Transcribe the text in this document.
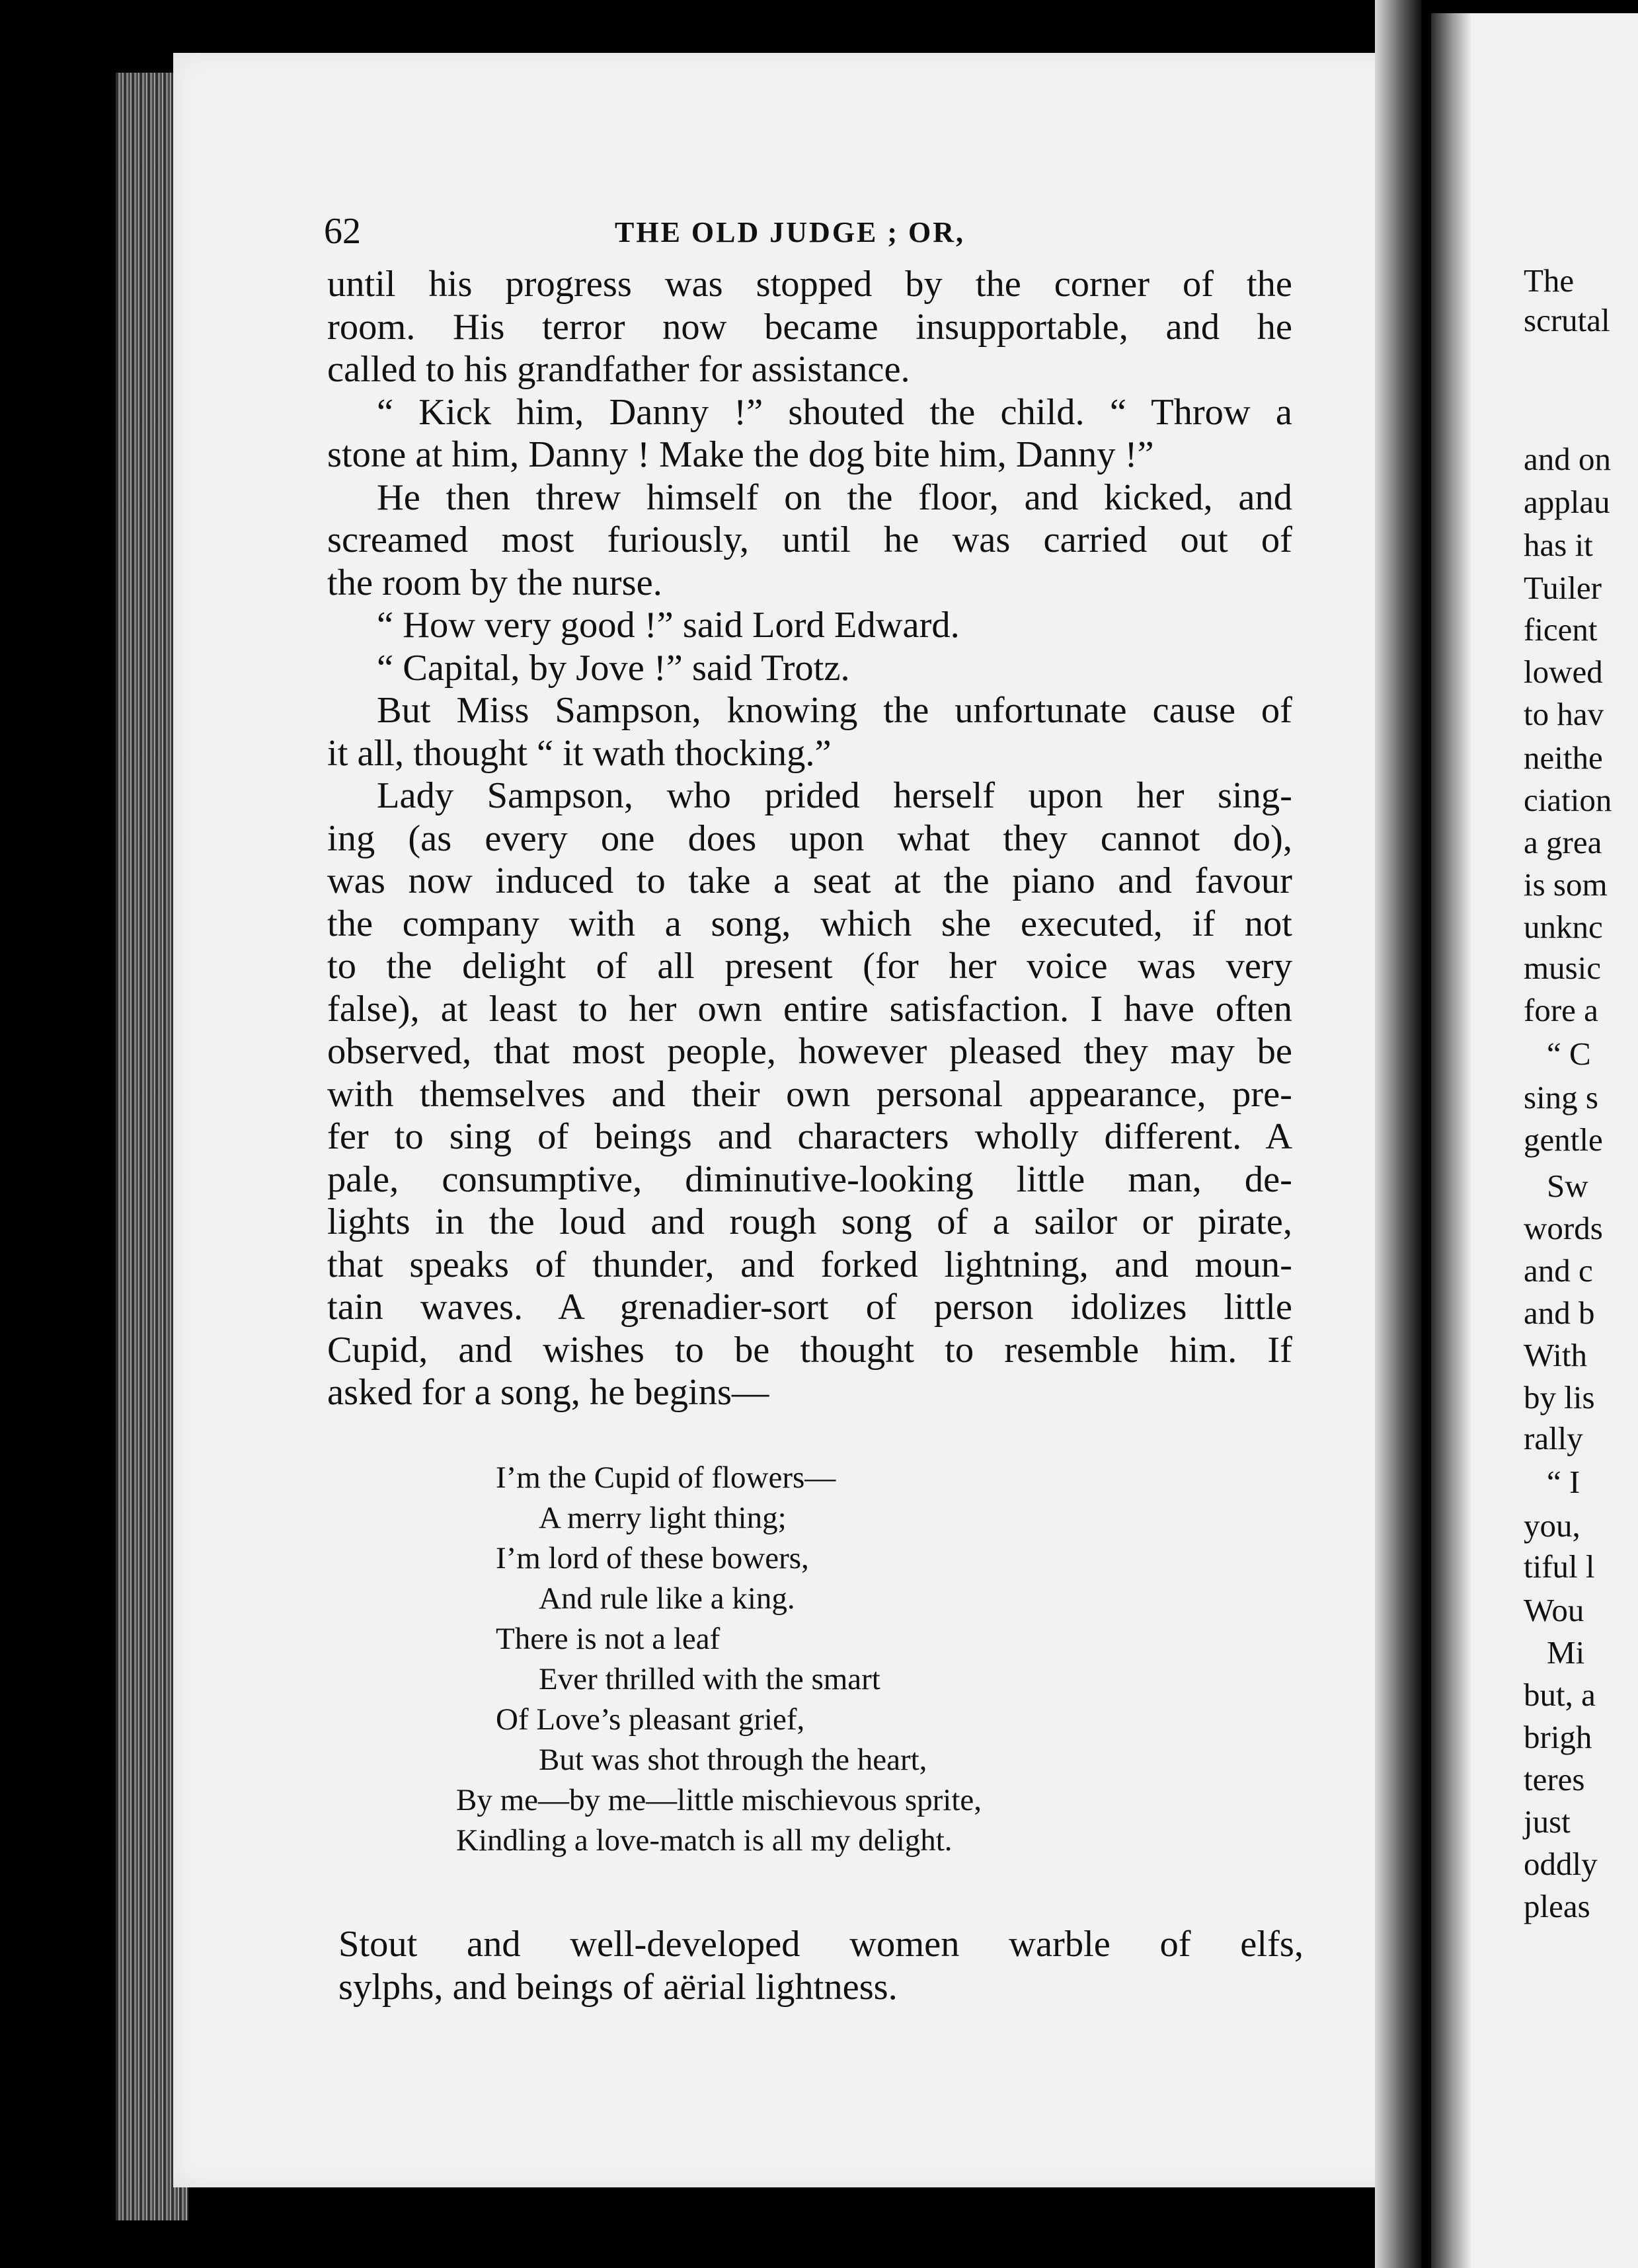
The
scrutal
and on
applau
has it
Tuiler
ficent
lowed
to hav
neithe
ciation
a grea
is som
unknc
music
fore a
“ C
sing s
gentle
Sw
words
and c
and b
With
by lis
rally
“ I
you,
tiful l
Wou
Mi
but, a
brigh
teres
just
oddly
pleas
62	THE OLD JUDGE ; OR,
until his progress was stopped by the corner of the
room. His terror now became insupportable, and he
called to his grandfather for assistance.
“ Kick him, Danny !” shouted the child. “ Throw a
stone at him, Danny ! Make the dog bite him, Danny !”
He then threw himself on the floor, and kicked, and
screamed most furiously, until he was carried out of
the room by the nurse.
“ How very good !” said Lord Edward.
“ Capital, by Jove !” said Trotz.
But Miss Sampson, knowing the unfortunate cause of
it all, thought “ it wath thocking.”
Lady Sampson, who prided herself upon her sing-
ing (as every one does upon what they cannot do),
was now induced to take a seat at the piano and favour
the company with a song, which she executed, if not
to the delight of all present (for her voice was very
false), at least to her own entire satisfaction. I have often
observed, that most people, however pleased they may be
with themselves and their own personal appearance, pre-
fer to sing of beings and characters wholly different. A
pale, consumptive, diminutive-looking little man, de-
lights in the loud and rough song of a sailor or pirate,
that speaks of thunder, and forked lightning, and moun-
tain waves. A grenadier-sort of person idolizes little
Cupid, and wishes to be thought to resemble him. If
asked for a song, he begins—
I’m the Cupid of flowers—
A merry light thing;
I’m lord of these bowers,
And rule like a king.
There is not a leaf
Ever thrilled with the smart
Of Love’s pleasant grief,
But was shot through the heart,
By me—by me—little mischievous sprite,
Kindling a love-match is all my delight.
Stout and well-developed women warble of elfs,
sylphs, and beings of aërial lightness.
